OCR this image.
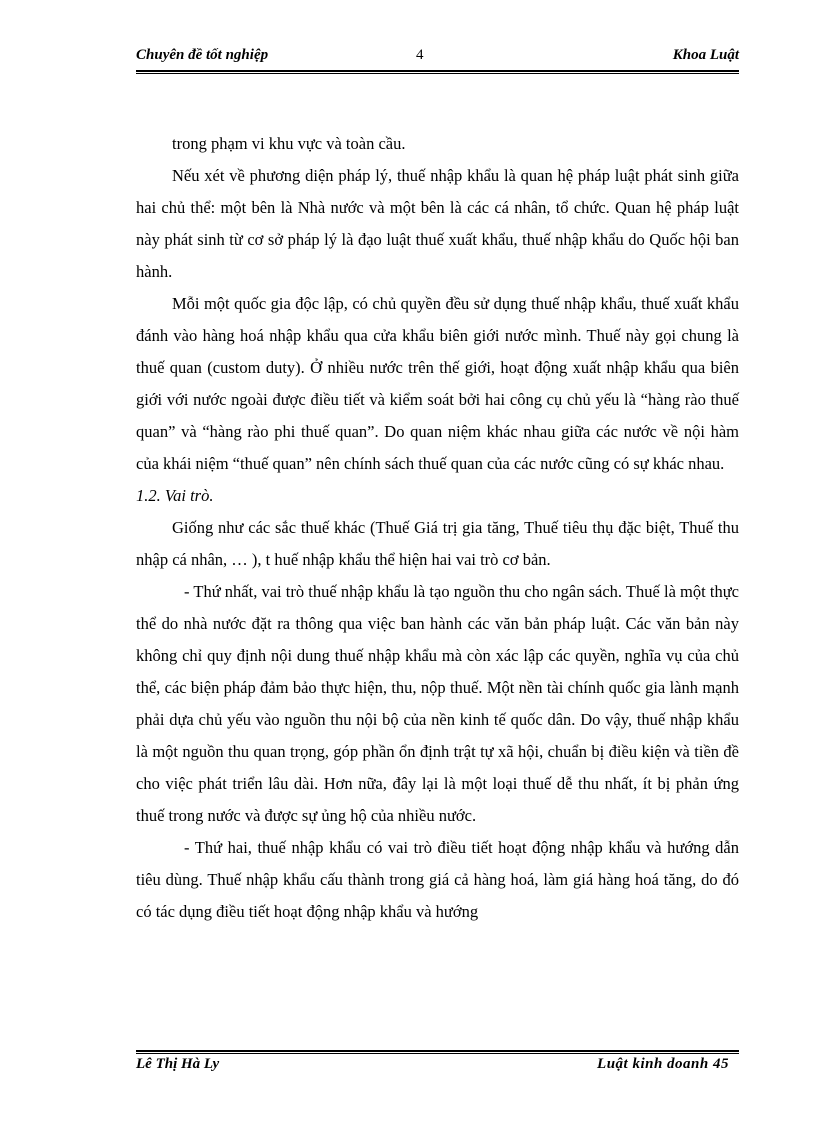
Chuyên đề tốt nghiệp	4	Khoa Luật

trong phạm vi khu vực và toàn cầu.

Nếu xét về phương diện pháp lý, thuế nhập khẩu là quan hệ pháp luật phát sinh giữa hai chủ thể: một bên là Nhà nước và một bên là các cá nhân, tổ chức. Quan hệ pháp luật này phát sinh từ cơ sở pháp lý là đạo luật thuế xuất khẩu, thuế nhập khẩu do Quốc hội ban hành.

Mỗi một quốc gia độc lập, có chủ quyền đều sử dụng thuế nhập khẩu, thuế xuất khẩu đánh vào hàng hoá nhập khẩu qua cửa khẩu biên giới nước mình. Thuế này gọi chung là thuế quan (custom duty). Ở nhiều nước trên thế giới, hoạt động xuất nhập khẩu qua biên giới với nước ngoài được điều tiết và kiểm soát bởi hai công cụ chủ yếu là “hàng rào thuế quan” và “hàng rào phi thuế quan”. Do quan niệm khác nhau giữa các nước về nội hàm của khái niệm “thuế quan” nên chính sách thuế quan của các nước cũng có sự khác nhau.

1.2. Vai trò.

Giống như các sắc thuế khác (Thuế Giá trị gia tăng, Thuế tiêu thụ đặc biệt, Thuế thu nhập cá nhân, … ), t huế nhập khẩu thể hiện hai vai trò cơ bản.

- Thứ nhất, vai trò thuế nhập khẩu là tạo nguồn thu cho ngân sách. Thuế là một thực thể do nhà nước đặt ra thông qua việc ban hành các văn bản pháp luật. Các văn bản này không chỉ quy định nội dung thuế nhập khẩu mà còn xác lập các quyền, nghĩa vụ của chủ thể, các biện pháp đảm bảo thực hiện, thu, nộp thuế. Một nền tài chính quốc gia lành mạnh phải dựa chủ yếu vào nguồn thu nội bộ của nền kinh tế quốc dân. Do vậy, thuế nhập khẩu là một nguồn thu quan trọng, góp phần ổn định trật tự xã hội, chuẩn bị điều kiện và tiền đề cho việc phát triển lâu dài. Hơn nữa, đây lại là một loại thuế dễ thu nhất, ít bị phản ứng thuế trong nước và được sự ủng hộ của nhiều nước.

- Thứ hai, thuế nhập khẩu có vai trò điều tiết hoạt động nhập khẩu và hướng dẫn tiêu dùng. Thuế nhập khẩu cấu thành trong giá cả hàng hoá, làm giá hàng hoá tăng, do đó có tác dụng điều tiết hoạt động nhập khẩu và hướng

Lê Thị Hà Ly	Luật kinh doanh 45
